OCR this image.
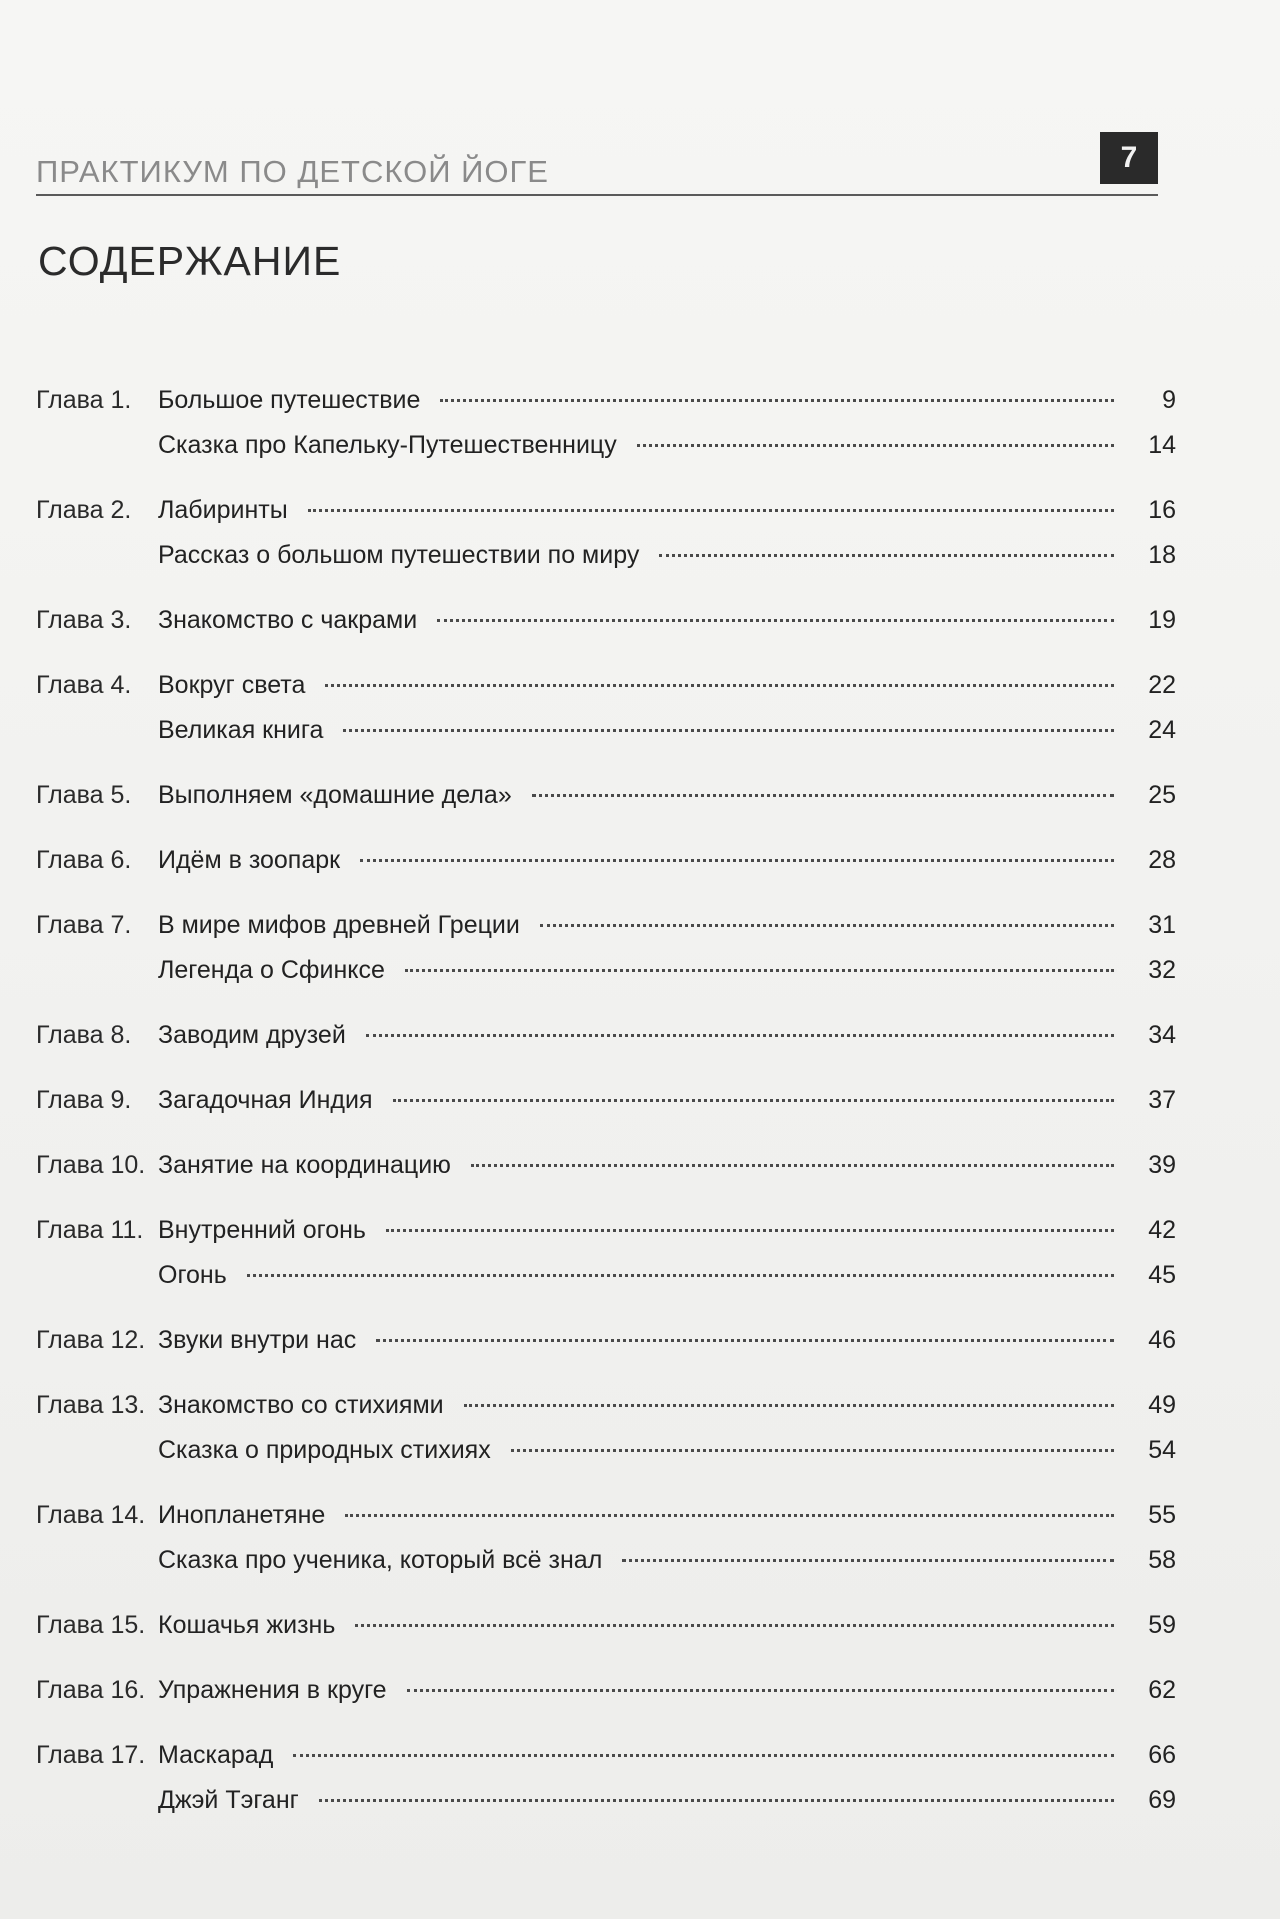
ПРАКТИКУМ ПО ДЕТСКОЙ ЙОГЕ	7
СОДЕРЖАНИЕ
Глава 1.	Большое путешествие	9
Сказка про Капельку-Путешественницу	14
Глава 2.	Лабиринты	16
Рассказ о большом путешествии по миру	18
Глава 3.	Знакомство с чакрами	19
Глава 4.	Вокруг света	22
Великая книга	24
Глава 5.	Выполняем «домашние дела»	25
Глава 6.	Идём в зоопарк	28
Глава 7.	В мире мифов древней Греции	31
Легенда о Сфинксе	32
Глава 8.	Заводим друзей	34
Глава 9.	Загадочная Индия	37
Глава 10. Занятие на координацию	39
Глава 11. Внутренний огонь	42
Огонь	45
Глава 12. Звуки внутри нас	46
Глава 13. Знакомство со стихиями	49
Сказка о природных стихиях	54
Глава 14. Инопланетяне	55
Сказка про ученика, который всё знал	58
Глава 15. Кошачья жизнь	59
Глава 16. Упражнения в круге	62
Глава 17. Маскарад	66
Джэй Тэганг	69
